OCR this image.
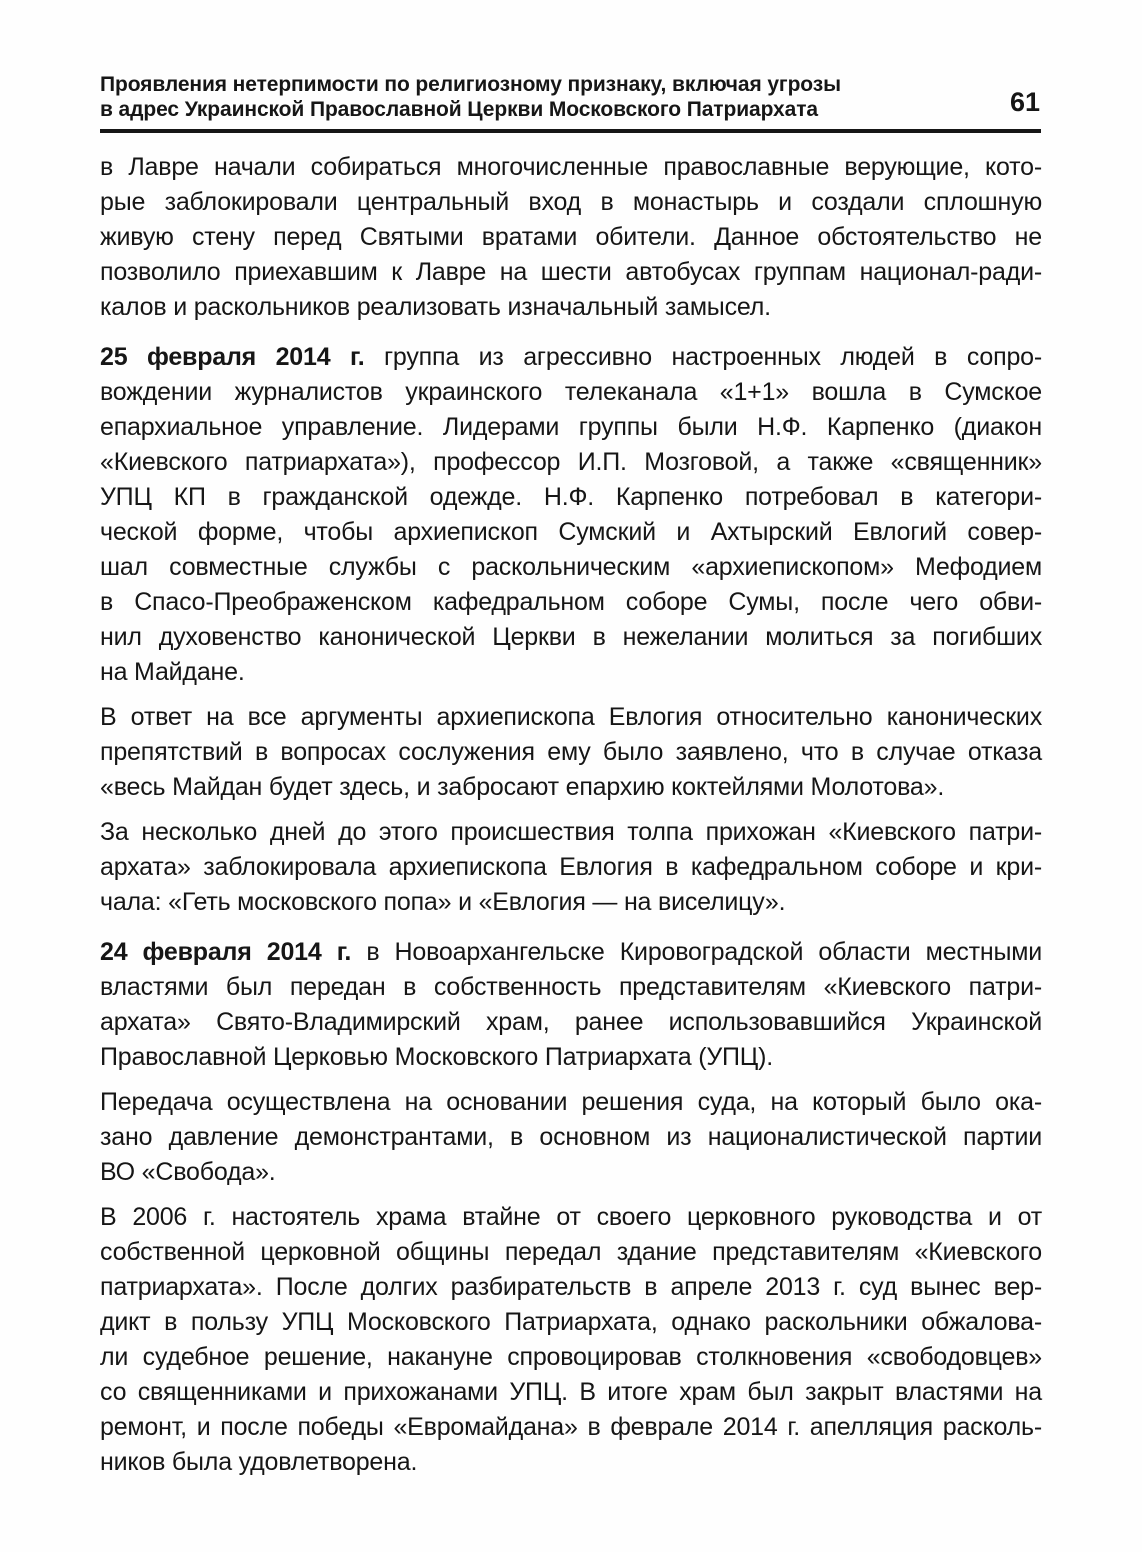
Проявления нетерпимости по религиозному признаку, включая угрозы
в адрес Украинской Православной Церкви Московского Патриархата	61
в Лавре начали собираться многочисленные православные верующие, кото-
рые заблокировали центральный вход в монастырь и создали сплошную
живую стену перед Святыми вратами обители. Данное обстоятельство не
позволило приехавшим к Лавре на шести автобусах группам национал-ради-
калов и раскольников реализовать изначальный замысел.
25 февраля 2014 г. группа из агрессивно настроенных людей в сопро-
вождении журналистов украинского телеканала «1+1» вошла в Сумское
епархиальное управление. Лидерами группы были Н.Ф. Карпенко (диакон
«Киевского патриархата»), профессор И.П. Мозговой, а также «священник»
УПЦ КП в гражданской одежде. Н.Ф. Карпенко потребовал в категори-
ческой форме, чтобы архиепископ Сумский и Ахтырский Евлогий совер-
шал совместные службы с раскольническим «архиепископом» Мефодием
в Спасо-Преображенском кафедральном соборе Сумы, после чего обви-
нил духовенство канонической Церкви в нежелании молиться за погибших
на Майдане.
В ответ на все аргументы архиепископа Евлогия относительно канонических
препятствий в вопросах сослужения ему было заявлено, что в случае отказа
«весь Майдан будет здесь, и забросают епархию коктейлями Молотова».
За несколько дней до этого происшествия толпа прихожан «Киевского патри-
архата» заблокировала архиепископа Евлогия в кафедральном соборе и кри-
чала: «Геть московского попа» и «Евлогия — на виселицу».
24 февраля 2014 г. в Новоархангельске Кировоградской области местными
властями был передан в собственность представителям «Киевского патри-
архата» Свято-Владимирский храм, ранее использовавшийся Украинской
Православной Церковью Московского Патриархата (УПЦ).
Передача осуществлена на основании решения суда, на который было ока-
зано давление демонстрантами, в основном из националистической партии
ВО «Свобода».
В 2006 г. настоятель храма втайне от своего церковного руководства и от
собственной церковной общины передал здание представителям «Киевского
патриархата». После долгих разбирательств в апреле 2013 г. суд вынес вер-
дикт в пользу УПЦ Московского Патриархата, однако раскольники обжалова-
ли судебное решение, накануне спровоцировав столкновения «свободовцев»
со священниками и прихожанами УПЦ. В итоге храм был закрыт властями на
ремонт, и после победы «Евромайдана» в феврале 2014 г. апелляция расколь-
ников была удовлетворена.
